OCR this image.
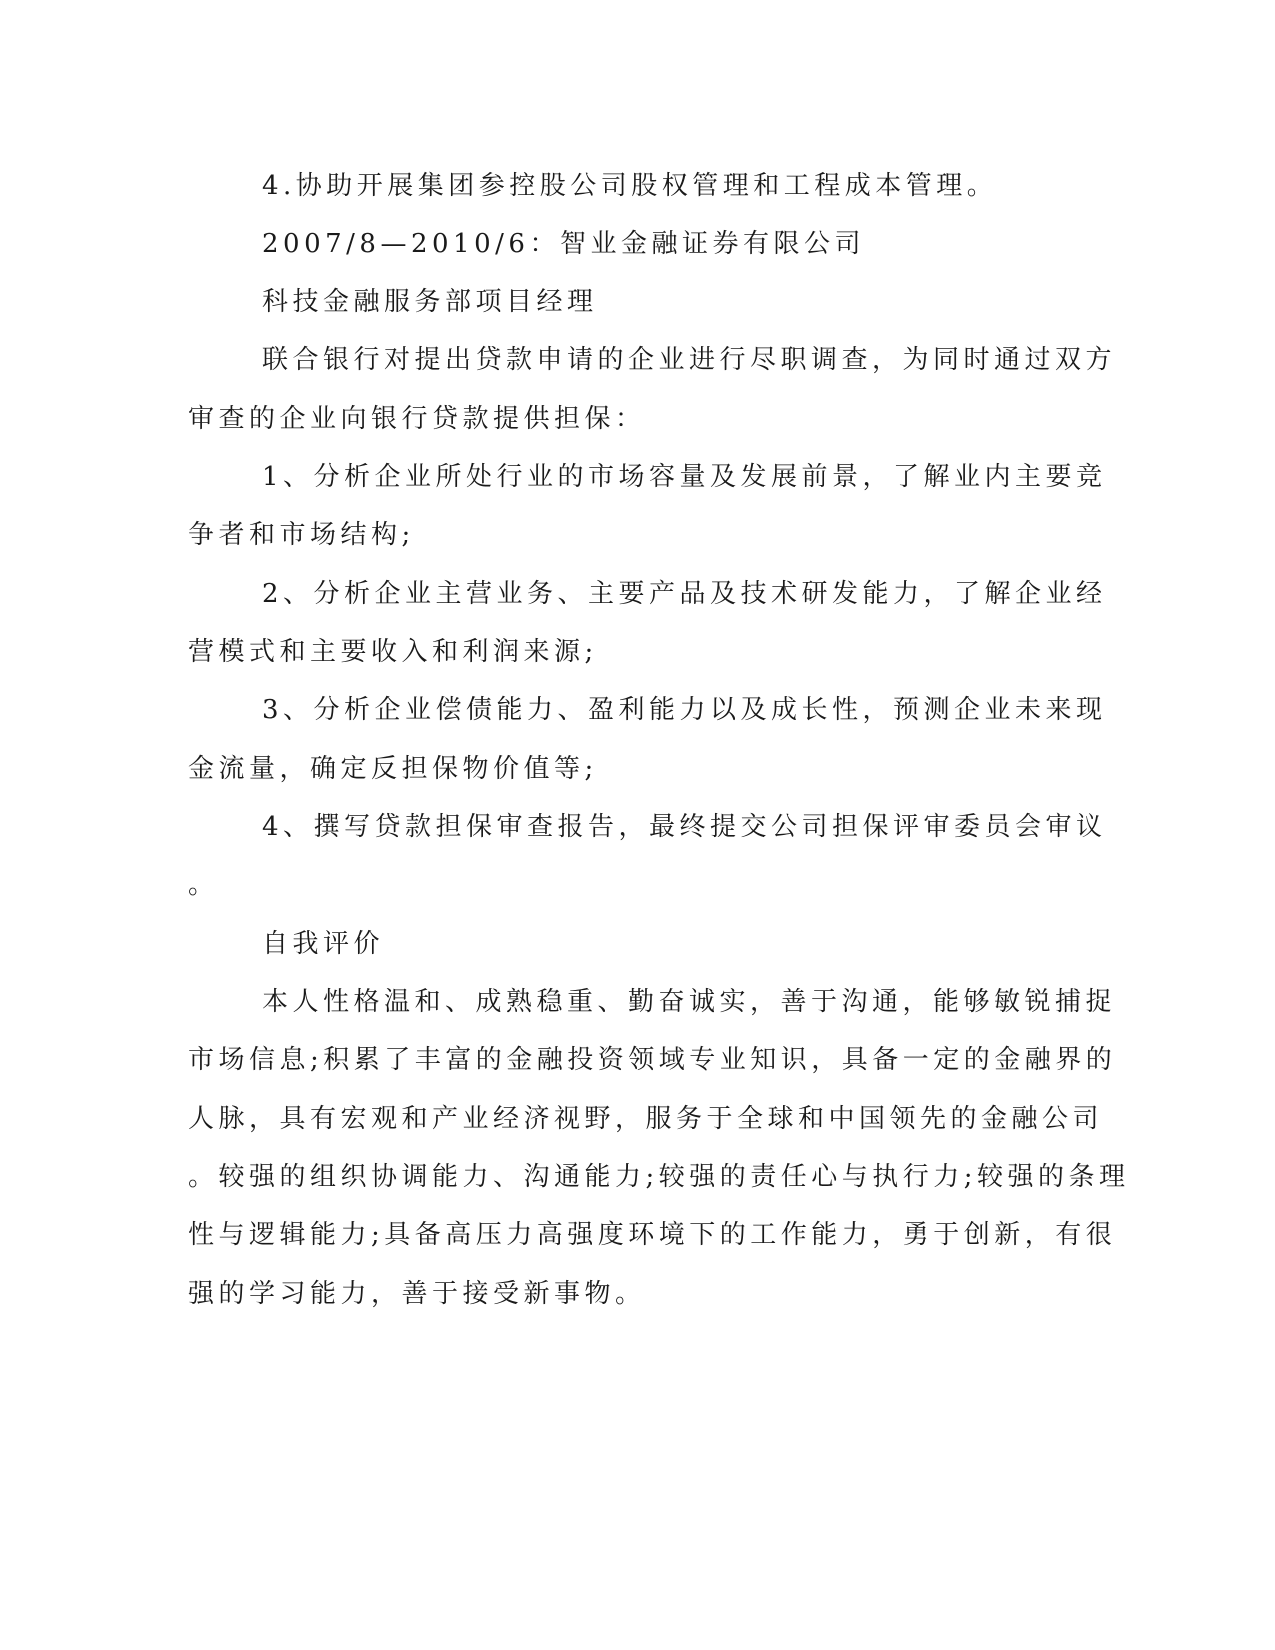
4.协助开展集团参控股公司股权管理和工程成本管理。
2007/8—2010/6：智业金融证券有限公司
科技金融服务部项目经理
联合银行对提出贷款申请的企业进行尽职调查，为同时通过双方
审查的企业向银行贷款提供担保：
1、分析企业所处行业的市场容量及发展前景，了解业内主要竞
争者和市场结构;
2、分析企业主营业务、主要产品及技术研发能力，了解企业经
营模式和主要收入和利润来源;
3、分析企业偿债能力、盈利能力以及成长性，预测企业未来现
金流量，确定反担保物价值等;
4、撰写贷款担保审查报告，最终提交公司担保评审委员会审议
。
自我评价
本人性格温和、成熟稳重、勤奋诚实，善于沟通，能够敏锐捕捉
市场信息;积累了丰富的金融投资领域专业知识，具备一定的金融界的
人脉，具有宏观和产业经济视野，服务于全球和中国领先的金融公司
。较强的组织协调能力、沟通能力;较强的责任心与执行力;较强的条理
性与逻辑能力;具备高压力高强度环境下的工作能力，勇于创新，有很
强的学习能力，善于接受新事物。
